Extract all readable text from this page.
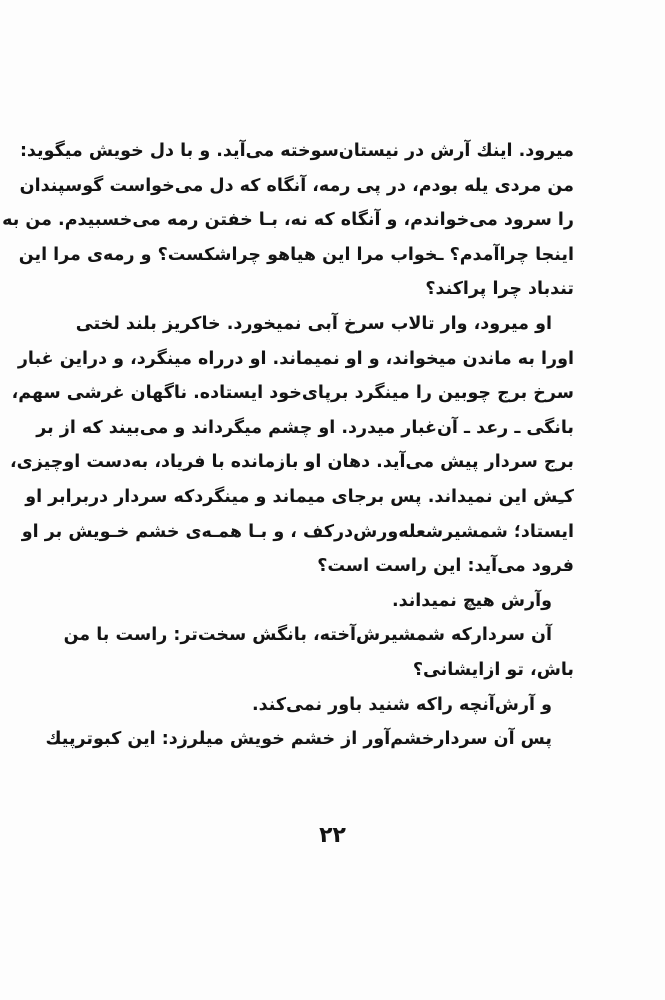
میرود. اینك آرش در نیستان‌سوخته می‌آید. و با دل خویش میگوید:
من مردی یله بودم، در پی رمه، آنگاه که دل می‌خواست گوسپندان
را سرود می‌خواندم، و آنگاه که نه، بـا خفتن رمه می‌خسبیدم. من به
اینجا چرا‌آمدم؟ ـخواب مرا این هیاهو چراشکست؟ و رمه‌ی مرا این
تندباد چرا پراکند؟
او میرود، وار تالاب سرخ آبی نمیخورد. خاکریز بلند لختی
اورا به ماندن میخواند، و او نمیماند. او درراه مینگرد، و دراین غبار
سرخ برج چوبین را مینگرد برپای‌خود ایستاده. ناگهان غرشی سهم،
بانگی ـ رعد ـ آن‌غبار میدرد. او چشم میگرداند و می‌بیند که از بر
برج سردار پیش می‌آید. دهان او بازمانده با فریاد، به‌دست اوچیزی،
کـِش این نمیداند. پس برجای میماند و مینگردکه سردار دربرابر او
ایستاد؛ شمشیرشعله‌ورش‌درکف ، و بـا همـه‌ی خشم خـویش بر او
فرود می‌آید: این راست است؟
وآرش هیچ نمیداند.
آن سردارکه شمشیرش‌آخته، بانگش سخت‌تر: راست با من
باش، تو ازایشانی؟
و آرش‌آنچه راکه شنید باور نمی‌کند.
پس آن سردارخشم‌آور از خشم خویش میلرزد: این کبوترپیك
۲۲
